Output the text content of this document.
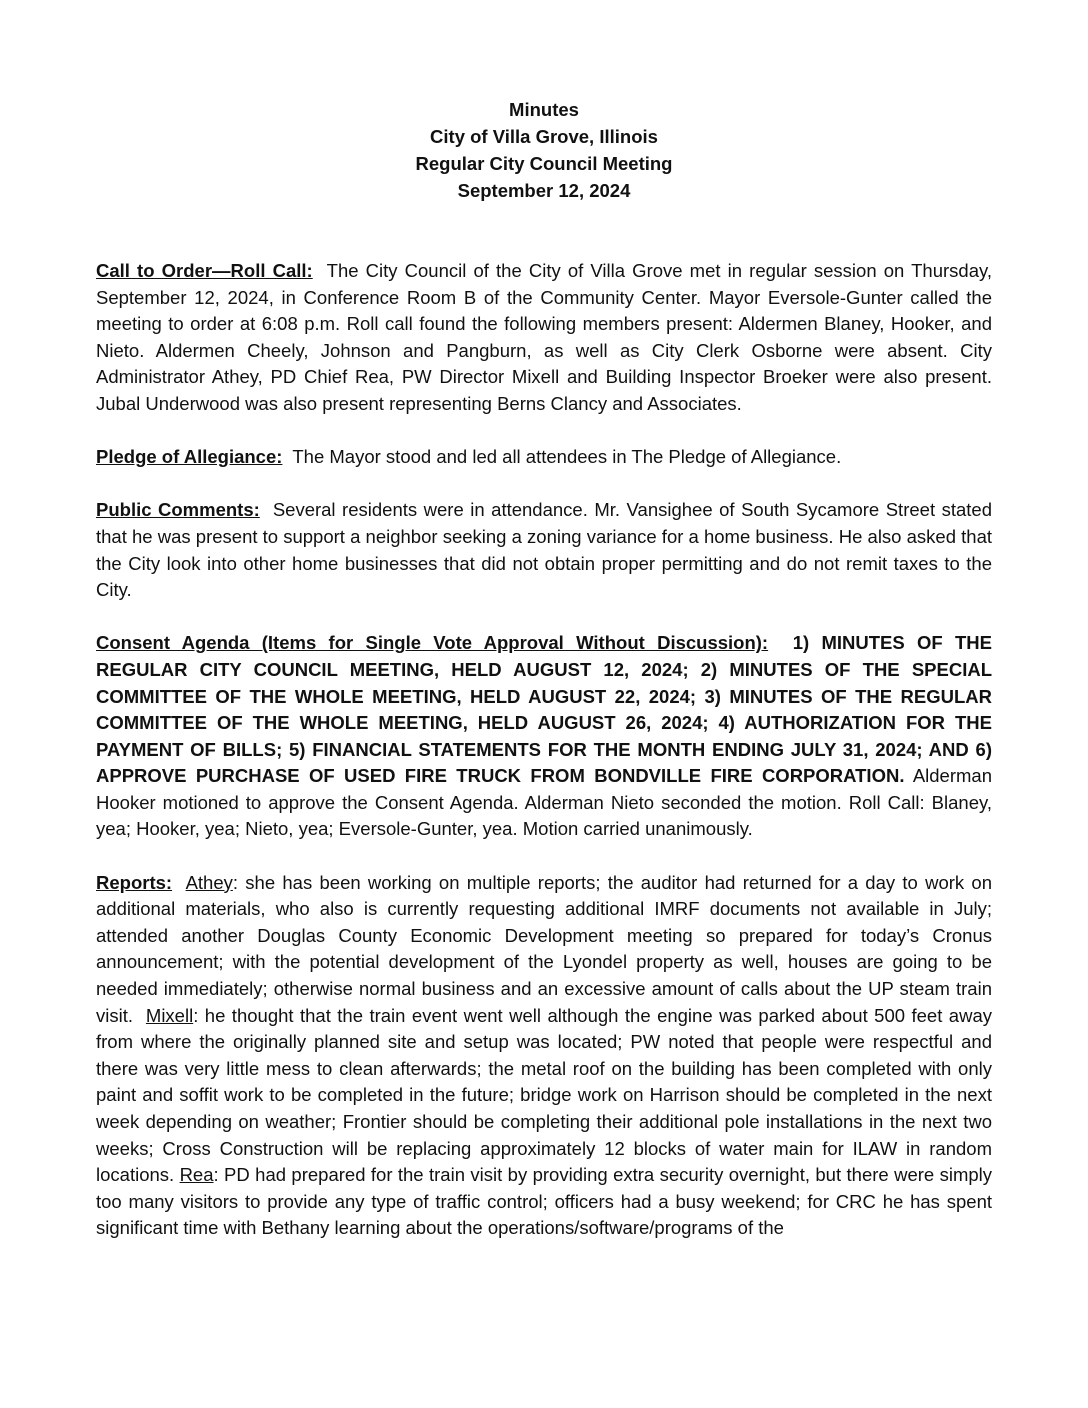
Minutes
City of Villa Grove, Illinois
Regular City Council Meeting
September 12, 2024

Call to Order—Roll Call: The City Council of the City of Villa Grove met in regular session on Thursday, September 12, 2024, in Conference Room B of the Community Center. Mayor Eversole-Gunter called the meeting to order at 6:08 p.m. Roll call found the following members present: Aldermen Blaney, Hooker, and Nieto. Aldermen Cheely, Johnson and Pangburn, as well as City Clerk Osborne were absent. City Administrator Athey, PD Chief Rea, PW Director Mixell and Building Inspector Broeker were also present. Jubal Underwood was also present representing Berns Clancy and Associates.

Pledge of Allegiance: The Mayor stood and led all attendees in The Pledge of Allegiance.

Public Comments: Several residents were in attendance. Mr. Vansighee of South Sycamore Street stated that he was present to support a neighbor seeking a zoning variance for a home business. He also asked that the City look into other home businesses that did not obtain proper permitting and do not remit taxes to the City.

Consent Agenda (Items for Single Vote Approval Without Discussion): 1) MINUTES OF THE REGULAR CITY COUNCIL MEETING, HELD AUGUST 12, 2024; 2) MINUTES OF THE SPECIAL COMMITTEE OF THE WHOLE MEETING, HELD AUGUST 22, 2024; 3) MINUTES OF THE REGULAR COMMITTEE OF THE WHOLE MEETING, HELD AUGUST 26, 2024; 4) AUTHORIZATION FOR THE PAYMENT OF BILLS; 5) FINANCIAL STATEMENTS FOR THE MONTH ENDING JULY 31, 2024; AND 6) APPROVE PURCHASE OF USED FIRE TRUCK FROM BONDVILLE FIRE CORPORATION. Alderman Hooker motioned to approve the Consent Agenda. Alderman Nieto seconded the motion. Roll Call: Blaney, yea; Hooker, yea; Nieto, yea; Eversole-Gunter, yea. Motion carried unanimously.

Reports: Athey: she has been working on multiple reports; the auditor had returned for a day to work on additional materials, who also is currently requesting additional IMRF documents not available in July; attended another Douglas County Economic Development meeting so prepared for today’s Cronus announcement; with the potential development of the Lyondel property as well, houses are going to be needed immediately; otherwise normal business and an excessive amount of calls about the UP steam train visit. Mixell: he thought that the train event went well although the engine was parked about 500 feet away from where the originally planned site and setup was located; PW noted that people were respectful and there was very little mess to clean afterwards; the metal roof on the building has been completed with only paint and soffit work to be completed in the future; bridge work on Harrison should be completed in the next week depending on weather; Frontier should be completing their additional pole installations in the next two weeks; Cross Construction will be replacing approximately 12 blocks of water main for ILAW in random locations. Rea: PD had prepared for the train visit by providing extra security overnight, but there were simply too many visitors to provide any type of traffic control; officers had a busy weekend; for CRC he has spent significant time with Bethany learning about the operations/software/programs of the
